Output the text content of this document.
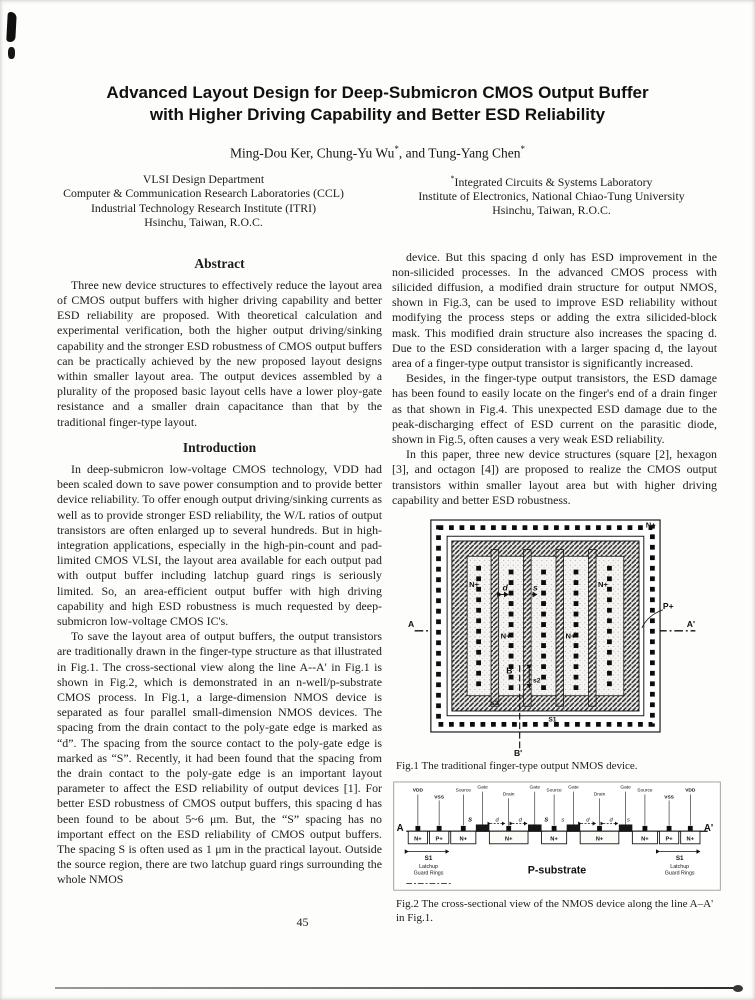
Advanced Layout Design for Deep-Submicron CMOS Output Buffer
with Higher Driving Capability and Better ESD Reliability
Ming-Dou Ker, Chung-Yu Wu*, and Tung-Yang Chen*
VLSI Design Department
Computer & Communication Research Laboratories (CCL)
Industrial Technology Research Institute (ITRI)
Hsinchu, Taiwan, R.O.C.
*Integrated Circuits & Systems Laboratory
Institute of Electronics, National Chiao-Tung University
Hsinchu, Taiwan, R.O.C.
Abstract

Three new device structures to effectively reduce the layout area of CMOS output buffers with higher driving capability and better ESD reliability are proposed. With theoretical calculation and experimental verification, both the higher output driving/sinking capability and the stronger ESD robustness of CMOS output buffers can be practically achieved by the new proposed layout designs within smaller layout area. The output devices assembled by a plurality of the proposed basic layout cells have a lower ploy-gate resistance and a smaller drain capacitance than that by the traditional finger-type layout.

Introduction

In deep-submicron low-voltage CMOS technology, VDD had been scaled down to save power consumption and to provide better device reliability. To offer enough output driving/sinking currents as well as to provide stronger ESD reliability, the W/L ratios of output transistors are often enlarged up to several hundreds. But in high-integration applications, especially in the high-pin-count and pad-limited CMOS VLSI, the layout area available for each output pad with output buffer including latchup guard rings is seriously limited. So, an area-efficient output buffer with high driving capability and high ESD robustness is much requested by deep-submicron low-voltage CMOS IC's.

To save the layout area of output buffers, the output transistors are traditionally drawn in the finger-type structure as that illustrated in Fig.1. The cross-sectional view along the line A--A' in Fig.1 is shown in Fig.2, which is demonstrated in an n-well/p-substrate CMOS process. In Fig.1, a large-dimension NMOS device is separated as four parallel small-dimension NMOS devices. The spacing from the drain contact to the poly-gate edge is marked as “d”. The spacing from the source contact to the poly-gate edge is marked as “S”. Recently, it had been found that the spacing from the drain contact to the poly-gate edge is an important layout parameter to affect the ESD reliability of output devices [1]. For better ESD robustness of CMOS output buffers, this spacing d has been found to be about 5~6 μm. But, the “S” spacing has no important effect on the ESD reliability of CMOS output buffers. The spacing S is often used as 1 μm in the practical layout. Outside the source region, there are two latchup guard rings surrounding the whole NMOS

device. But this spacing d only has ESD improvement in the non-silicided processes. In the advanced CMOS process with silicided diffusion, a modified drain structure for output NMOS, shown in Fig.3, can be used to improve ESD reliability without modifying the process steps or adding the extra silicided-block mask. This modified drain structure also increases the spacing d. Due to the ESD consideration with a larger spacing d, the layout area of a finger-type output transistor is significantly increased.

Besides, in the finger-type output transistors, the ESD damage has been found to easily locate on the finger's end of a drain finger as that shown in Fig.4. This unexpected ESD damage due to the peak-discharging effect of ESD current on the parasitic diode, shown in Fig.5, often causes a very weak ESD reliability.

In this paper, three new device structures (square [2], hexagon [3], and octagon [4]) are proposed to realize the CMOS output transistors within smaller layout area but with higher driving capability and better ESD robustness.

A	A'
N+
N+	N+
N+
N+
d	s
P+
B
B'
s2
s3
S1
Fig.1 The traditional finger-type output NMOS device.
A	A'
N+ P+	N+	N+	N+	N+	N+	P+ N+
VDD
VSS
Source
Gate
Drain
Gate
Source
Gate
Drain
Gate
Source
VSS
VDD
S	d	d	S s	d	d s
S1
Latchup
Guard Rings
S1
Latchup
Guard Rings
P-substrate
Fig.2 The cross-sectional view of the NMOS device along the line A–A' in Fig.1.
45
